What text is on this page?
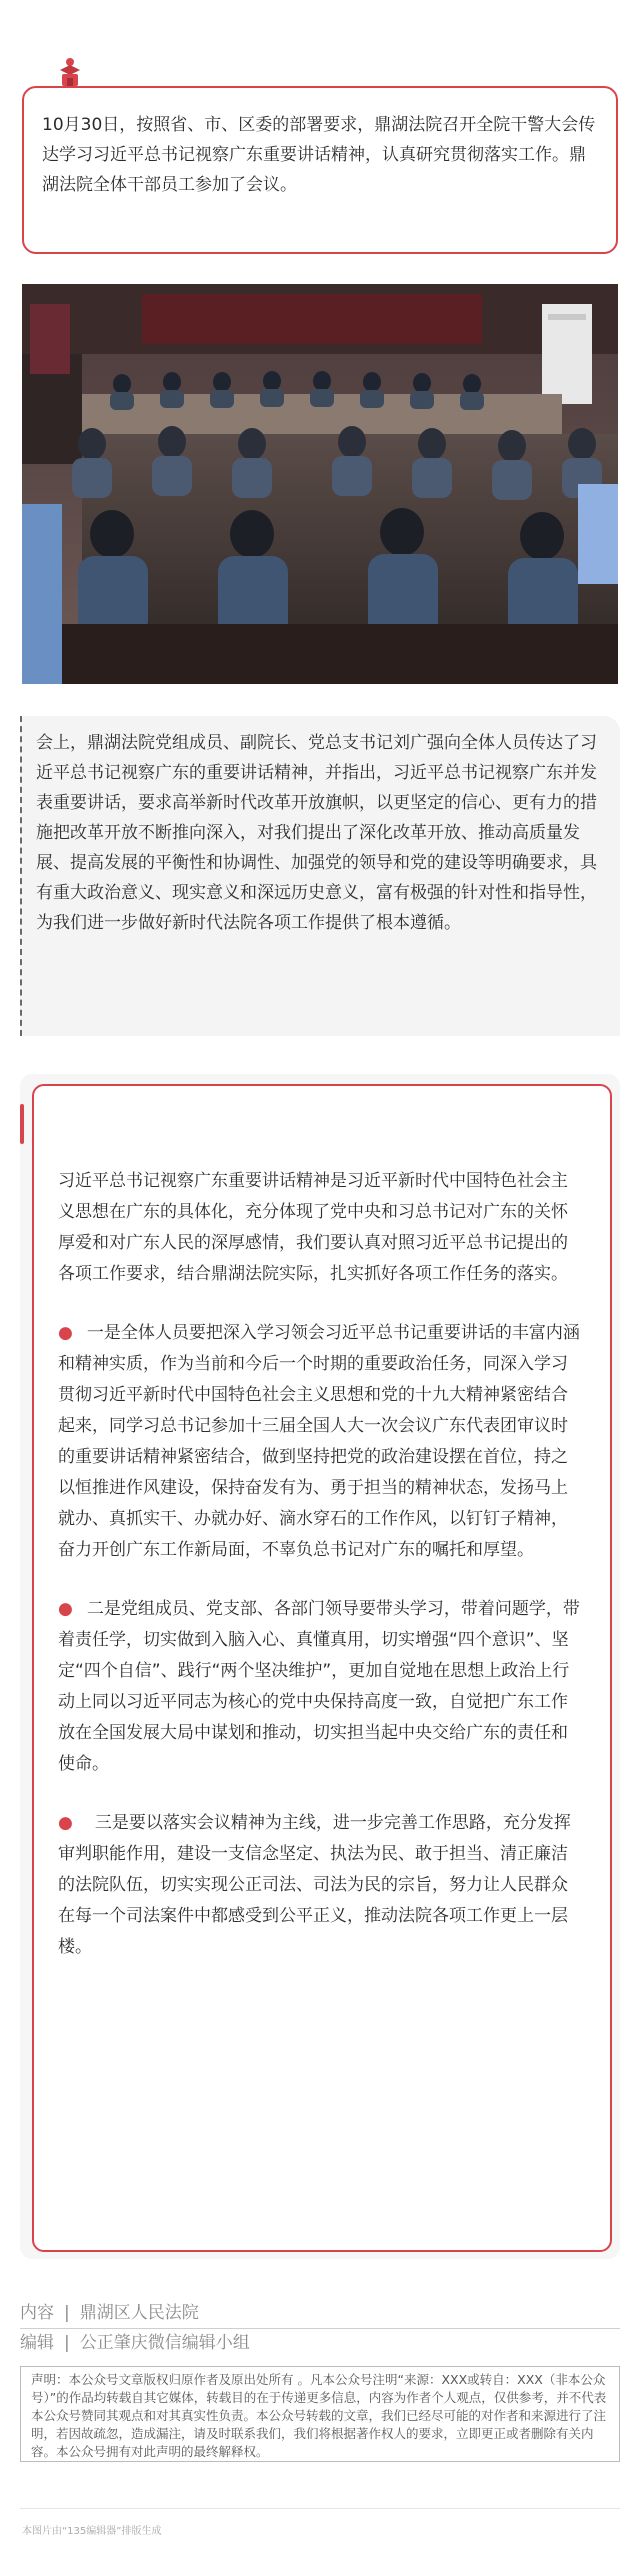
10月30日，按照省、市、区委的部署要求，鼎湖法院召开全院干警大会传达学习习近平总书记视察广东重要讲话精神，认真研究贯彻落实工作。鼎湖法院全体干部员工参加了会议。

会上，鼎湖法院党组成员、副院长、党总支书记刘广强向全体人员传达了习近平总书记视察广东的重要讲话精神，并指出，习近平总书记视察广东并发表重要讲话，要求高举新时代改革开放旗帜，以更坚定的信心、更有力的措施把改革开放不断推向深入，对我们提出了深化改革开放、推动高质量发展、提高发展的平衡性和协调性、加强党的领导和党的建设等明确要求，具有重大政治意义、现实意义和深远历史意义，富有极强的针对性和指导性，为我们进一步做好新时代法院各项工作提供了根本遵循。

习近平总书记视察广东重要讲话精神是习近平新时代中国特色社会主义思想在广东的具体化，充分体现了党中央和习总书记对广东的关怀厚爱和对广东人民的深厚感情，我们要认真对照习近平总书记提出的各项工作要求，结合鼎湖法院实际，扎实抓好各项工作任务的落实。

● 一是全体人员要把深入学习领会习近平总书记重要讲话的丰富内涵和精神实质，作为当前和今后一个时期的重要政治任务，同深入学习贯彻习近平新时代中国特色社会主义思想和党的十九大精神紧密结合起来，同学习总书记参加十三届全国人大一次会议广东代表团审议时的重要讲话精神紧密结合，做到坚持把党的政治建设摆在首位，持之以恒推进作风建设，保持奋发有为、勇于担当的精神状态，发扬马上就办、真抓实干、办就办好、滴水穿石的工作作风，以钉钉子精神，奋力开创广东工作新局面，不辜负总书记对广东的嘱托和厚望。

● 二是党组成员、党支部、各部门领导要带头学习，带着问题学，带着责任学，切实做到入脑入心、真懂真用，切实增强“四个意识”、坚定“四个自信”、践行“两个坚决维护”，更加自觉地在思想上政治上行动上同以习近平同志为核心的党中央保持高度一致，自觉把广东工作放在全国发展大局中谋划和推动，切实担当起中央交给广东的责任和使命。

● 三是要以落实会议精神为主线，进一步完善工作思路，充分发挥审判职能作用，建设一支信念坚定、执法为民、敢于担当、清正廉洁的法院队伍，切实实现公正司法、司法为民的宗旨，努力让人民群众在每一个司法案件中都感受到公平正义，推动法院各项工作更上一层楼。

内容 | 鼎湖区人民法院
编辑 | 公正肇庆微信编辑小组

声明：本公众号文章版权归原作者及原出处所有 。凡本公众号注明“来源：XXX或转自：XXX（非本公众号）”的作品均转载自其它媒体，转载目的在于传递更多信息，内容为作者个人观点，仅供参考，并不代表本公众号赞同其观点和对其真实性负责。本公众号转载的文章，我们已经尽可能的对作者和来源进行了注明，若因故疏忽，造成漏注，请及时联系我们，我们将根据著作权人的要求，立即更正或者删除有关内容。本公众号拥有对此声明的最终解释权。

本图片由“135编辑器”排版生成
